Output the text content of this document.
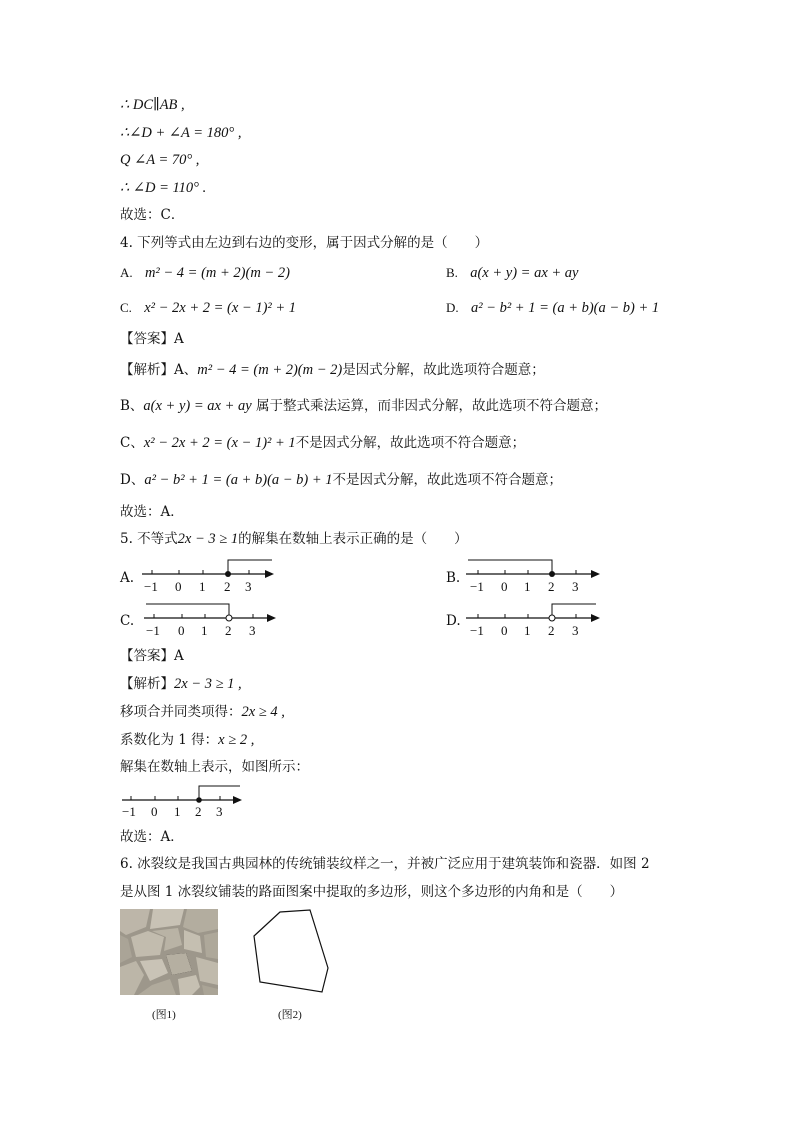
∴ DC∥AB ,
∴∠D + ∠A = 180° ,
Q ∠A = 70° ,
∴ ∠D = 110° .
故选：C．
4. 下列等式由左边到右边的变形，属于因式分解的是（　　）
A. m² − 4 = (m + 2)(m − 2)	B. a(x + y) = ax + ay
C. x² − 2x + 2 = (x − 1)² + 1	D. a² − b² + 1 = (a + b)(a − b) + 1
【答案】A
【解析】A、m² − 4 = (m + 2)(m − 2)是因式分解，故此选项符合题意；
B、a(x + y) = ax + ay 属于整式乘法运算，而非因式分解，故此选项不符合题意；
C、x² − 2x + 2 = (x − 1)² + 1不是因式分解，故此选项不符合题意；
D、a² − b² + 1 = (a + b)(a − b) + 1不是因式分解，故此选项不符合题意；
故选：A．
5. 不等式2x − 3 ≥ 1的解集在数轴上表示正确的是（　　）
A.
−1 0 1 2 3
B.
−1 0 1 2 3
C.
−1 0 1 2 3
D.
−1 0 1 2 3
【答案】A
【解析】2x − 3 ≥ 1 ,
移项合并同类项得：2x ≥ 4 ,
系数化为 1 得：x ≥ 2 ,
解集在数轴上表示，如图所示：
−1 0 1 2 3
故选：A．
6. 冰裂纹是我国古典园林的传统铺装纹样之一，并被广泛应用于建筑装饰和瓷器．如图 2
是从图 1 冰裂纹铺装的路面图案中提取的多边形，则这个多边形的内角和是（　　）
(图1)	(图2)
